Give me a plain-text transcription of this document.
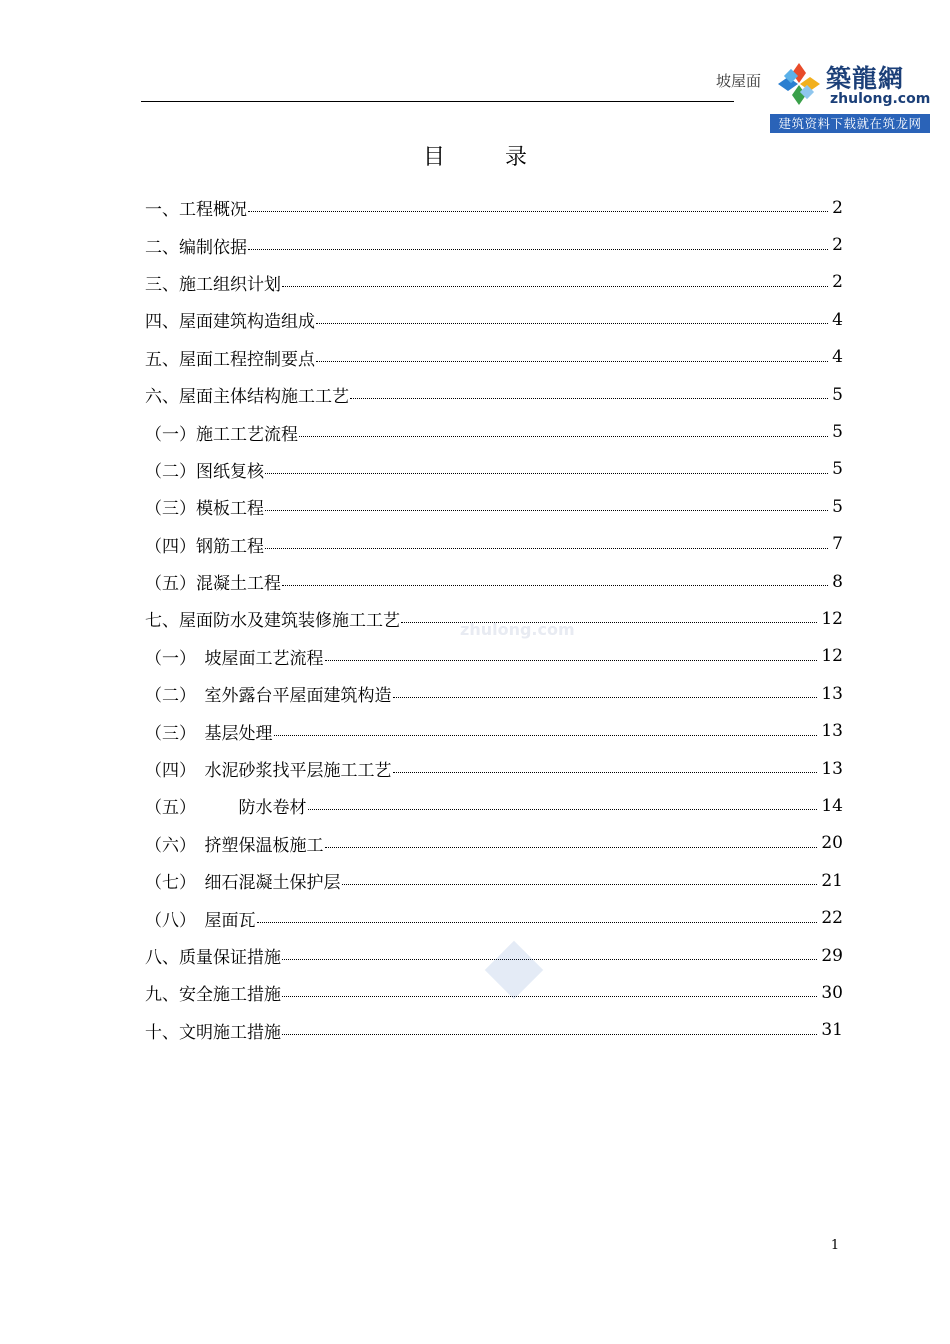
坡屋面	築龍網
zhulong.com
建筑资料下载就在筑龙网
目录
一、工程概况	2
二、编制依据	2
三、施工组织计划	2
四、屋面建筑构造组成	4
五、屋面工程控制要点	4
六、屋面主体结构施工工艺	5
（一）施工工艺流程	5
（二）图纸复核	5
（三）模板工程	5
（四）钢筋工程	7
（五）混凝土工程	8
七、屋面防水及建筑装修施工工艺	12
（一）　坡屋面工艺流程	12
（二）　室外露台平屋面建筑构造	13
（三）　基层处理	13
（四）　水泥砂浆找平层施工工艺	13
（五）　　　防水卷材	14
（六）　挤塑保温板施工	20
（七）　细石混凝土保护层	21
（八）　屋面瓦	22
八、质量保证措施	29
九、安全施工措施	30
十、文明施工措施	31
zhulong.com
1
